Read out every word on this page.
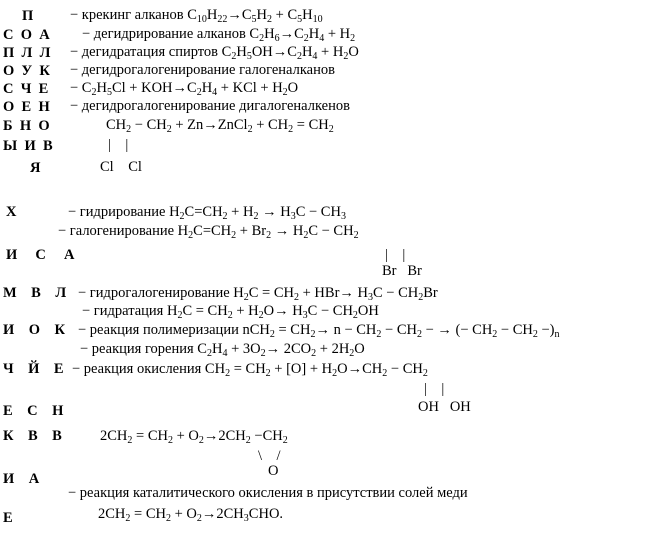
П
С  О  А
П  Л  Л
О  У  К
С  Ч  Е
О  Е  Н
Б  Н  О
Ы  И  В
Я
Х
И     С     А
М    В    Л
И    О    К
Ч    Й    Е
Е    С    Н
К    В    В
И    А
Е
− крекинг алканов $C_{10}H_{22}\to C_5H_2 + C_5H_{10}$
− дегидрирование алканов $C_2H_6\to C_2H_4 + H_2$
− дегидратация спиртов $C_2H_5OH\to C_2H_4 + H_2O$
− дегидрогалогенирование галогеналканов
− $C_2H_5Cl + KOH\to C_2H_4$ + KCl + $H_2O$
− дегидрогалогенирование дигалогеналкенов
$CH_2 - CH_2$ + Zn→ZnCl$_2$ + $CH_2 = CH_2$
|    |
Cl    Cl
− гидрирование $H_2C=CH_2 + H_2 \to H_3C - CH_3$
− галогенирование $H_2C=CH_2 + Br_2 \to H_2C - CH_2$
|    |
Br   Br
− гидрогалогенирование $H_2C = CH_2 + HBr\to H_3C - CH_2Br$
− гидратация $H_2C = CH_2 + H_2O\to H_3C - CH_2OH$
− реакция полимеризации $nCH_2 = CH_2\to n - CH_2 - CH_2$ − → (− $CH_2 - CH_2 -)_n$
− реакция горения $C_2H_4 + 3O_2\to 2CO_2 + 2H_2O$
− реакция окисления $CH_2 = CH_2 + [O] + H_2O\to CH_2 - CH_2$
|    |
OH   OH
$2CH_2 = CH_2 + O_2\to 2CH_2 -CH_2$
\    /
O
− реакция каталитического окисления в присутствии солей меди
$2CH_2 = CH_2 + O_2\to 2CH_3CHO$.
